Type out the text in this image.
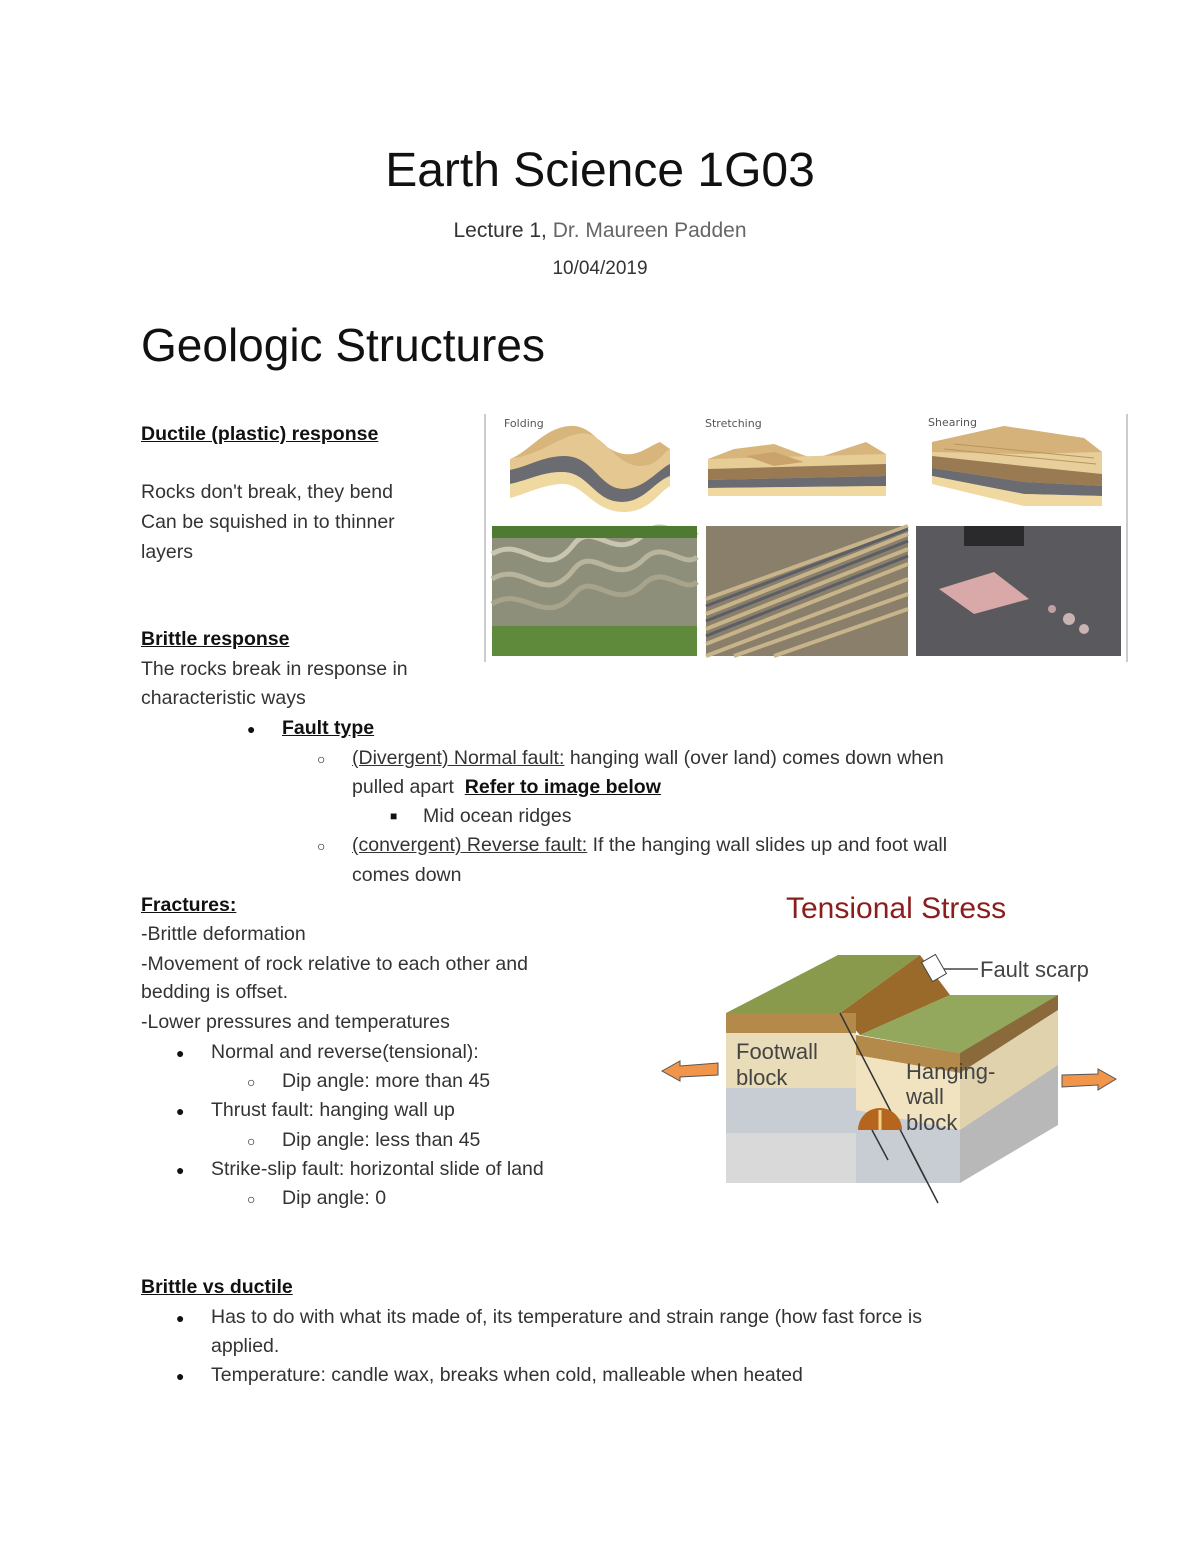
Earth Science 1G03
Lecture 1, Dr. Maureen Padden
10/04/2019
Geologic Structures
Ductile (plastic) response
Rocks don't break, they bend
Can be squished in to thinner
layers
Folding	Stretching	Shearing
Brittle response
The rocks break in response in
characteristic ways
● Fault type
○ (Divergent) Normal fault: hanging wall (over land) comes down when
pulled apart Refer to image below
■ Mid ocean ridges
○ (convergent) Reverse fault: If the hanging wall slides up and foot wall
comes down
Fractures:
-Brittle deformation
-Movement of rock relative to each other and
bedding is offset.
-Lower pressures and temperatures
● Normal and reverse(tensional):
○ Dip angle: more than 45
● Thrust fault: hanging wall up
○ Dip angle: less than 45
● Strike-slip fault: horizontal slide of land
○ Dip angle: 0
Tensional Stress
Fault scarp
Footwall
block	Hanging-
wall
block
Brittle vs ductile
● Has to do with what its made of, its temperature and strain range (how fast force is
applied.
● Temperature: candle wax, breaks when cold, malleable when heated
